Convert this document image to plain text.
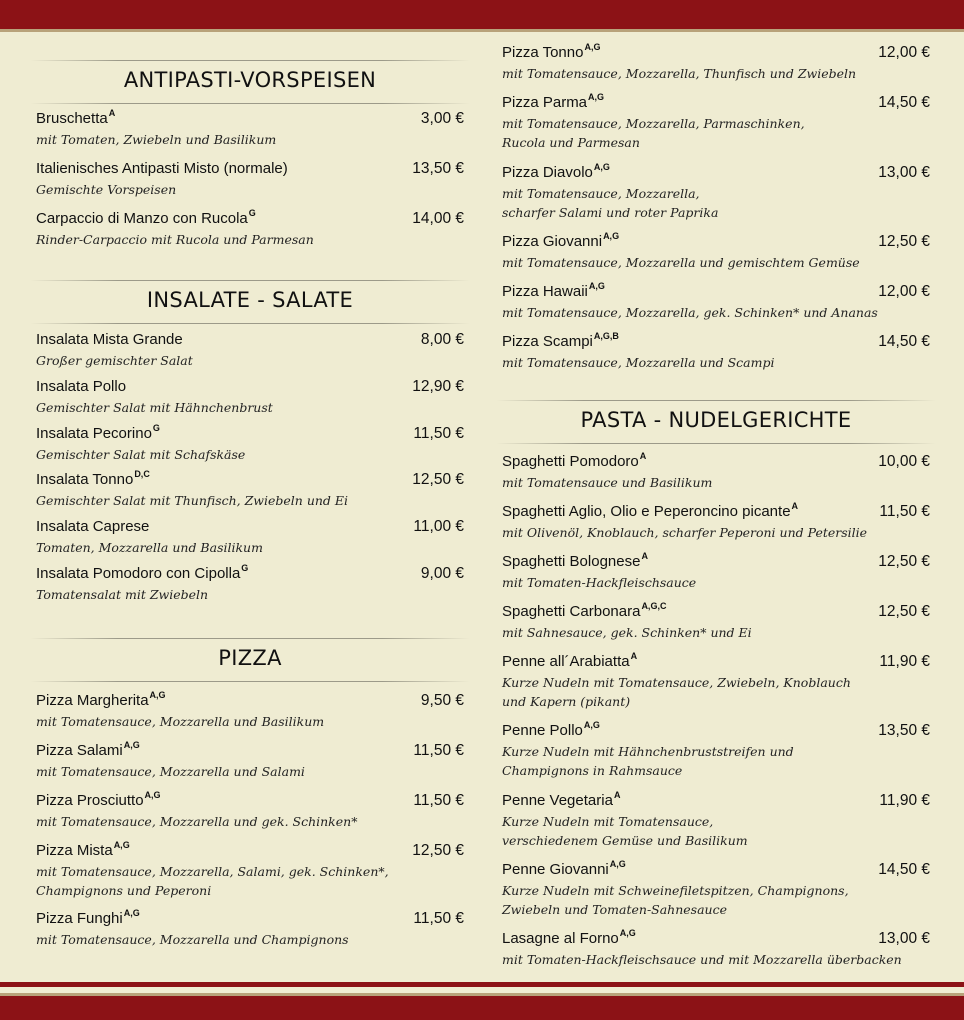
ANTIPASTI-VORSPEISEN
Bruschetta$^A$	3,00 €
mit Tomaten, Zwiebeln und Basilikum
Italienisches Antipasti Misto (normale)	13,50 €
Gemischte Vorspeisen
Carpaccio di Manzo con Rucola$^G$	14,00 €
Rinder-Carpaccio mit Rucola und Parmesan
INSALATE - SALATE
Insalata Mista Grande	8,00 €
Großer gemischter Salat
Insalata Pollo	12,90 €
Gemischter Salat mit Hähnchenbrust
Insalata Pecorino$^G$	11,50 €
Gemischter Salat mit Schafskäse
Insalata Tonno$^{D,C}$	12,50 €
Gemischter Salat mit Thunfisch, Zwiebeln und Ei
Insalata Caprese	11,00 €
Tomaten, Mozzarella und Basilikum
Insalata Pomodoro con Cipolla$^G$	9,00 €
Tomatensalat mit Zwiebeln
PIZZA
Pizza Margherita$^{A,G}$	9,50 €
mit Tomatensauce, Mozzarella und Basilikum
Pizza Salami$^{A,G}$	11,50 €
mit Tomatensauce, Mozzarella und Salami
Pizza Prosciutto$^{A,G}$	11,50 €
mit Tomatensauce, Mozzarella und gek. Schinken*
Pizza Mista$^{A,G}$	12,50 €
mit Tomatensauce, Mozzarella, Salami, gek. Schinken*,
Champignons und Peperoni
Pizza Funghi$^{A,G}$	11,50 €
mit Tomatensauce, Mozzarella und Champignons
Pizza Tonno$^{A,G}$	12,00 €
mit Tomatensauce, Mozzarella, Thunfisch und Zwiebeln
Pizza Parma$^{A,G}$	14,50 €
mit Tomatensauce, Mozzarella, Parmaschinken,
Rucola und Parmesan
Pizza Diavolo$^{A,G}$	13,00 €
mit Tomatensauce, Mozzarella,
scharfer Salami und roter Paprika
Pizza Giovanni$^{A,G}$	12,50 €
mit Tomatensauce, Mozzarella und gemischtem Gemüse
Pizza Hawaii$^{A,G}$	12,00 €
mit Tomatensauce, Mozzarella, gek. Schinken* und Ananas
Pizza Scampi$^{A,G,B}$	14,50 €
mit Tomatensauce, Mozzarella und Scampi
PASTA - NUDELGERICHTE
Spaghetti Pomodoro$^A$	10,00 €
mit Tomatensauce und Basilikum
Spaghetti Aglio, Olio e Peperoncino picante$^A$	11,50 €
mit Olivenöl, Knoblauch, scharfer Peperoni und Petersilie
Spaghetti Bolognese$^A$	12,50 €
mit Tomaten-Hackfleischsauce
Spaghetti Carbonara$^{A,G,C}$	12,50 €
mit Sahnesauce, gek. Schinken* und Ei
Penne all´Arabiatta$^A$	11,90 €
Kurze Nudeln mit Tomatensauce, Zwiebeln, Knoblauch
und Kapern (pikant)
Penne Pollo$^{A,G}$	13,50 €
Kurze Nudeln mit Hähnchenbruststreifen und
Champignons in Rahmsauce
Penne Vegetaria$^A$	11,90 €
Kurze Nudeln mit Tomatensauce,
verschiedenem Gemüse und Basilikum
Penne Giovanni$^{A,G}$	14,50 €
Kurze Nudeln mit Schweinefiletspitzen, Champignons,
Zwiebeln und Tomaten-Sahnesauce
Lasagne al Forno$^{A,G}$	13,00 €
mit Tomaten-Hackfleischsauce und mit Mozzarella überbacken
